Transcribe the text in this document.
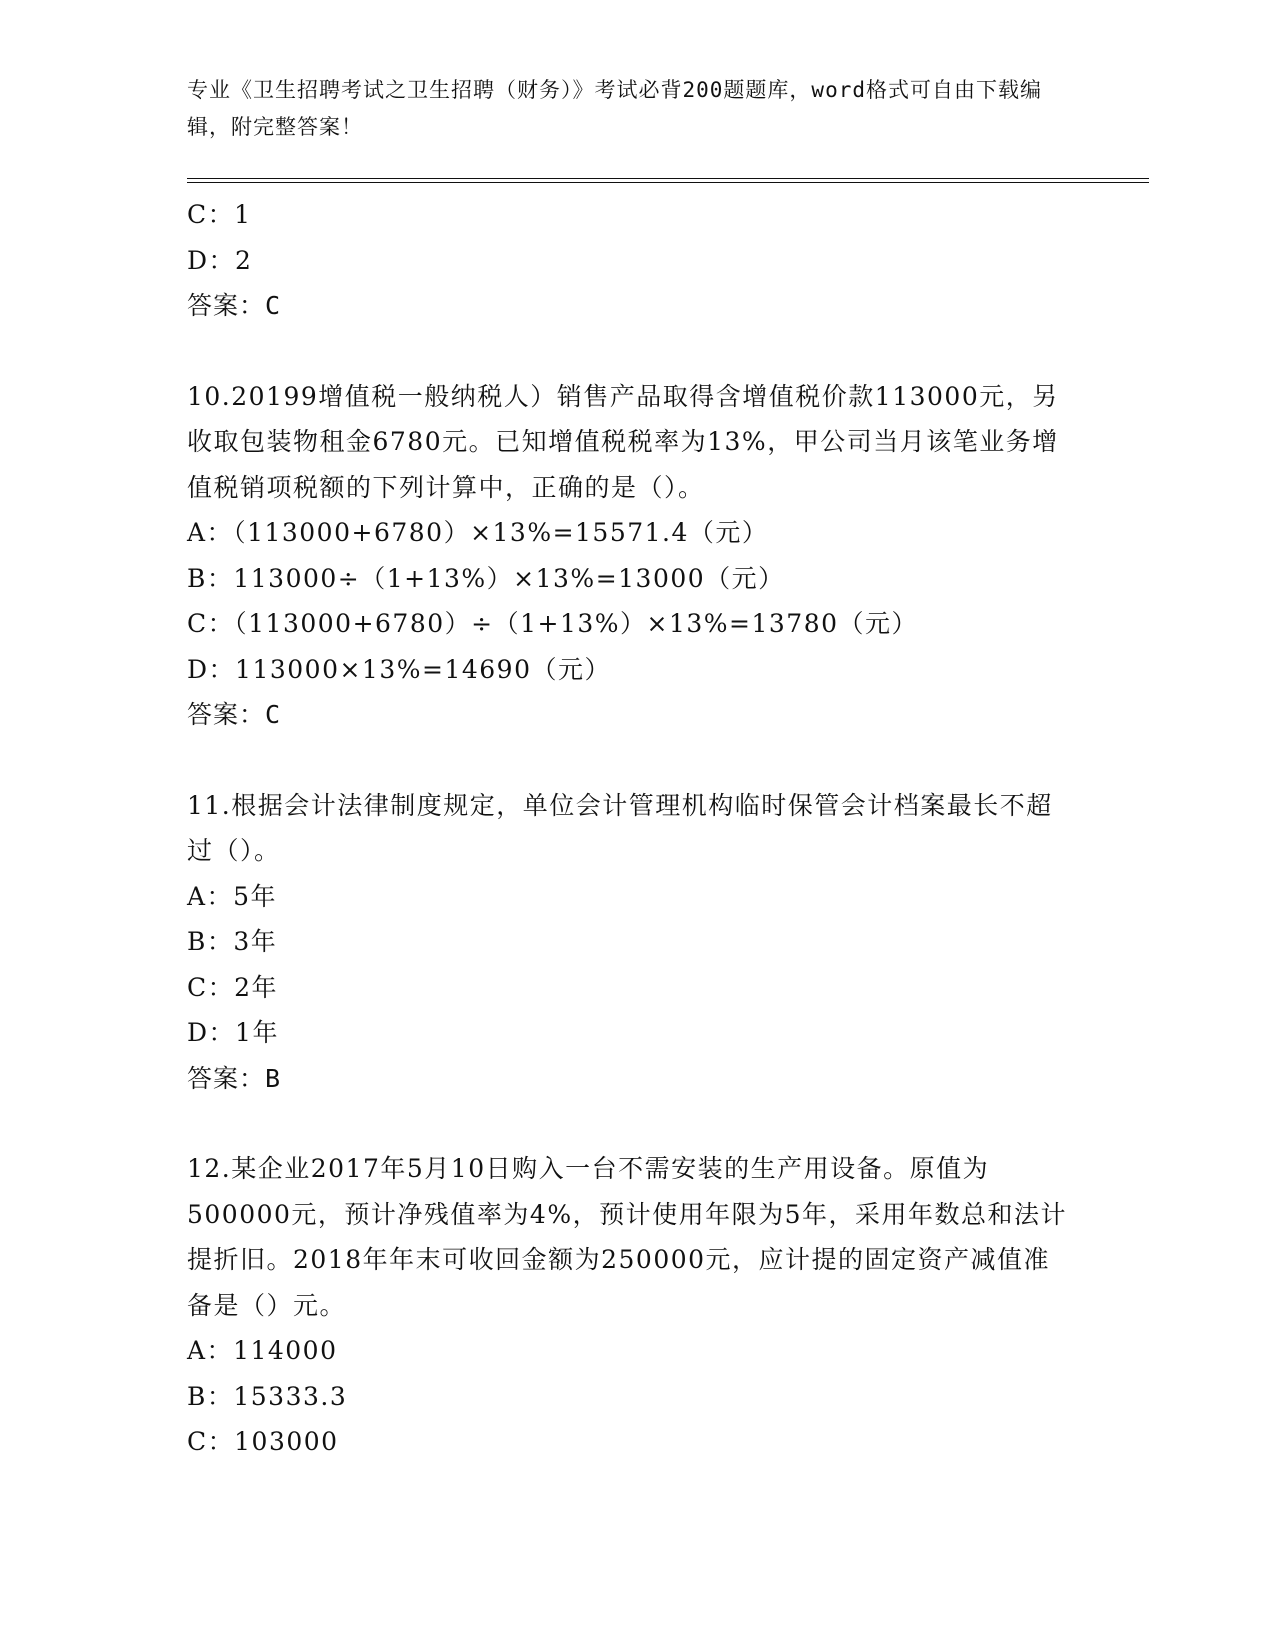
专业《卫生招聘考试之卫生招聘（财务）》考试必背200题题库，word格式可自由下载编辑，附完整答案！
C：1
D：2
答案：C
10.20199增值税一般纳税人）销售产品取得含增值税价款113000元，另收取包装物租金6780元。已知增值税税率为13%，甲公司当月该笔业务增值税销项税额的下列计算中，正确的是（）。
A：（113000+6780）×13%=15571.4（元）
B：113000÷（1+13%）×13%=13000（元）
C：（113000+6780）÷（1+13%）×13%=13780（元）
D：113000×13%=14690（元）
答案：C
11.根据会计法律制度规定，单位会计管理机构临时保管会计档案最长不超过（）。
A：5年
B：3年
C：2年
D：1年
答案：B
12.某企业2017年5月10日购入一台不需安装的生产用设备。原值为500000元，预计净残值率为4%，预计使用年限为5年，采用年数总和法计提折旧。2018年年末可收回金额为250000元，应计提的固定资产减值准备是（）元。
A：114000
B：15333.3
C：103000
